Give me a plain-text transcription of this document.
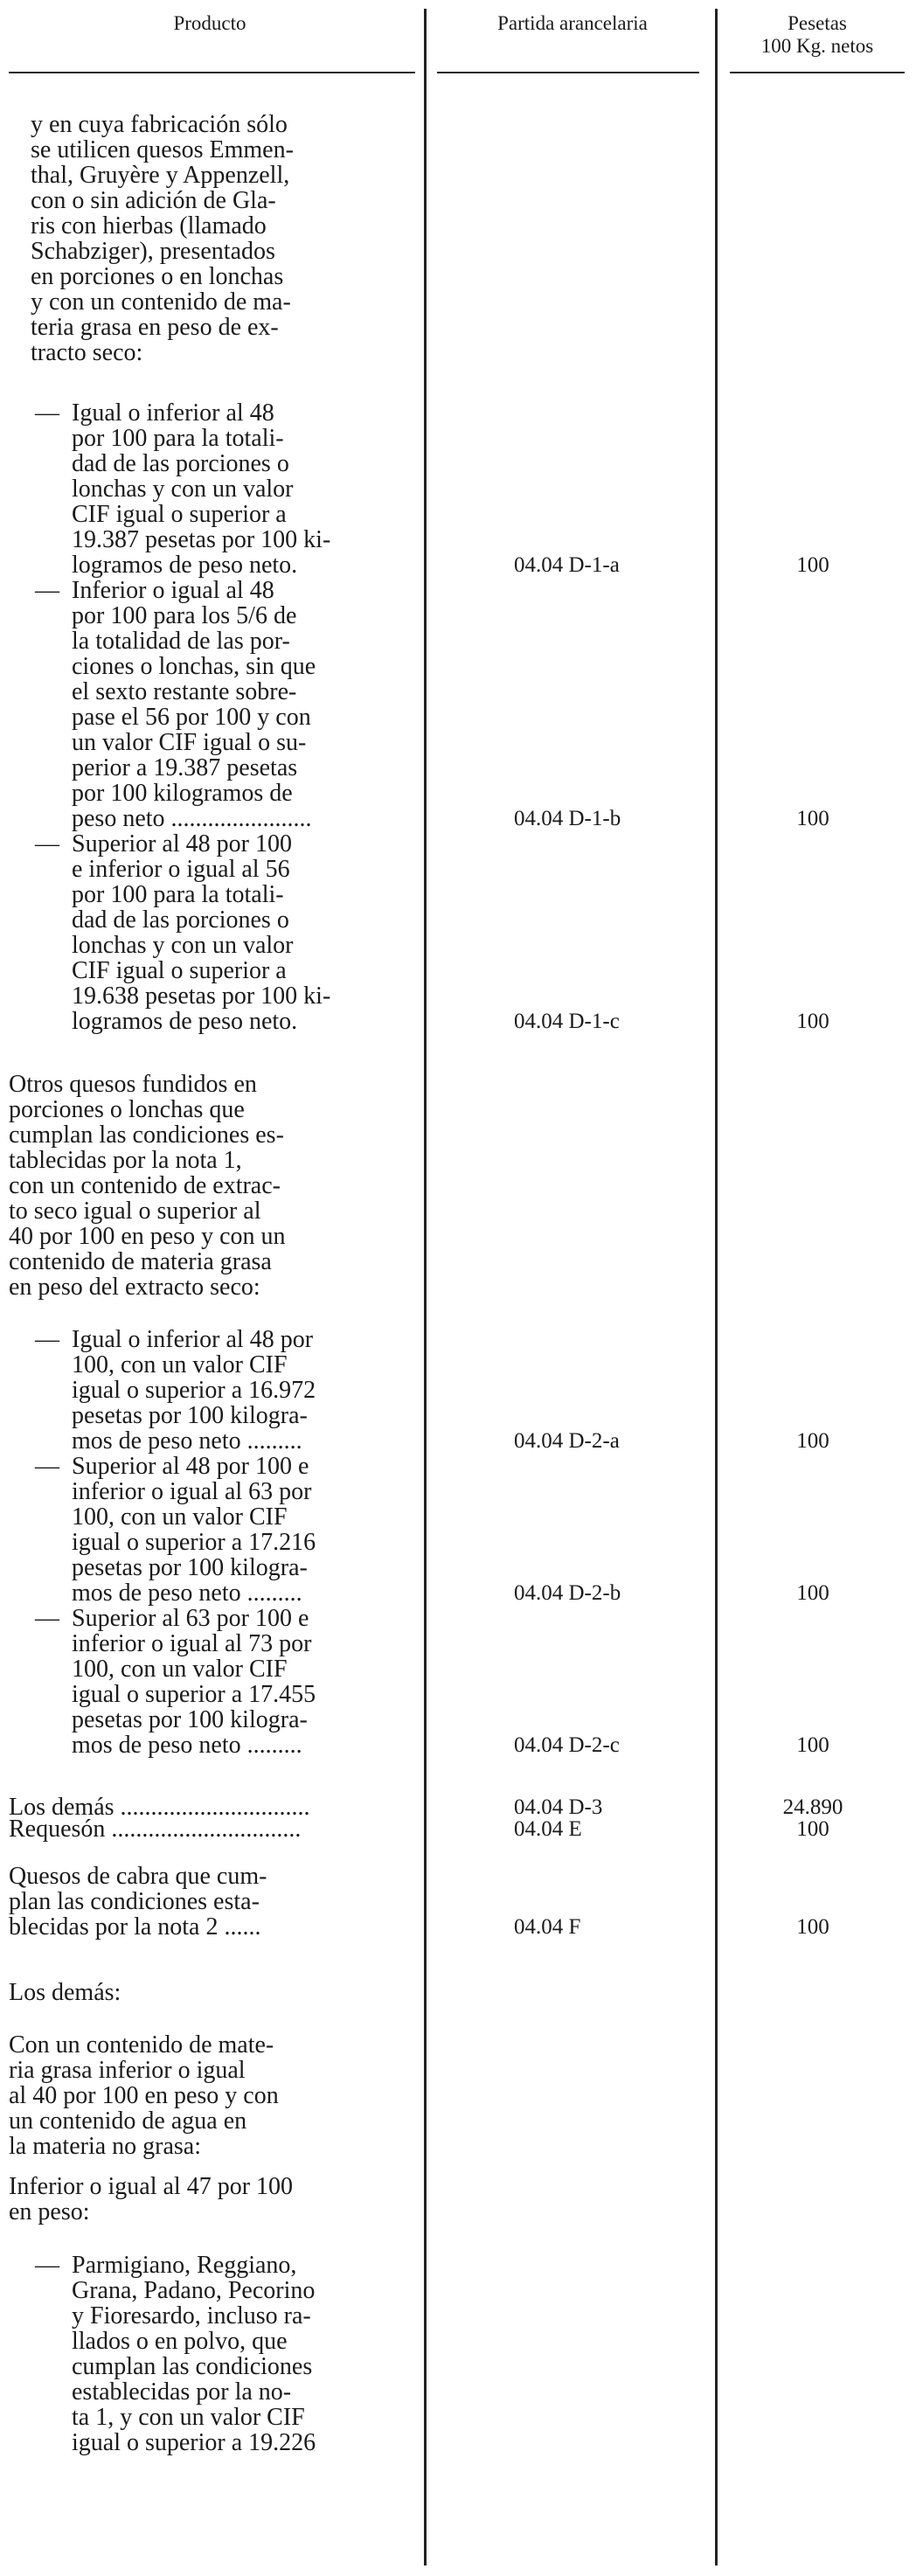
Producto	Partida arancelaria	Pesetas
100 Kg. netos
y en cuya fabricación sólo
se utilicen quesos Emmen-
thal, Gruyère y Appenzell,
con o sin adición de Gla-
ris con hierbas (llamado
Schabziger), presentados
en porciones o en lonchas
y con un contenido de ma-
teria grasa en peso de ex-
tracto seco:
— Igual o inferior al 48
por 100 para la totali-
dad de las porciones o
lonchas y con un valor
CIF igual o superior a
19.387 pesetas por 100 ki-
logramos de peso neto.	04.04 D-1-a	100
— Inferior o igual al 48
por 100 para los 5/6 de
la totalidad de las por-
ciones o lonchas, sin que
el sexto restante sobre-
pase el 56 por 100 y con
un valor CIF igual o su-
perior a 19.387 pesetas
por 100 kilogramos de
peso neto .......................	04.04 D-1-b	100
— Superior al 48 por 100
e inferior o igual al 56
por 100 para la totali-
dad de las porciones o
lonchas y con un valor
CIF igual o superior a
19.638 pesetas por 100 ki-
logramos de peso neto.	04.04 D-1-c	100
Otros quesos fundidos en
porciones o lonchas que
cumplan las condiciones es-
tablecidas por la nota 1,
con un contenido de extrac-
to seco igual o superior al
40 por 100 en peso y con un
contenido de materia grasa
en peso del extracto seco:
— Igual o inferior al 48 por
100, con un valor CIF
igual o superior a 16.972
pesetas por 100 kilogra-
mos de peso neto .........	04.04 D-2-a	100
— Superior al 48 por 100 e
inferior o igual al 63 por
100, con un valor CIF
igual o superior a 17.216
pesetas por 100 kilogra-
mos de peso neto .........	04.04 D-2-b	100
— Superior al 63 por 100 e
inferior o igual al 73 por
100, con un valor CIF
igual o superior a 17.455
pesetas por 100 kilogra-
mos de peso neto .........	04.04 D-2-c	100
Los demás ...............................	04.04 D-3	24.890
Requesón ...............................	04.04 E	100
Quesos de cabra que cum-
plan las condiciones esta-
blecidas por la nota 2 ......	04.04 F	100
Los demás:
Con un contenido de mate-
ria grasa inferior o igual
al 40 por 100 en peso y con
un contenido de agua en
la materia no grasa:
Inferior o igual al 47 por 100
en peso:
— Parmigiano, Reggiano,
Grana, Padano, Pecorino
y Fioresardo, incluso ra-
llados o en polvo, que
cumplan las condiciones
establecidas por la no-
ta 1, y con un valor CIF
igual o superior a 19.226
